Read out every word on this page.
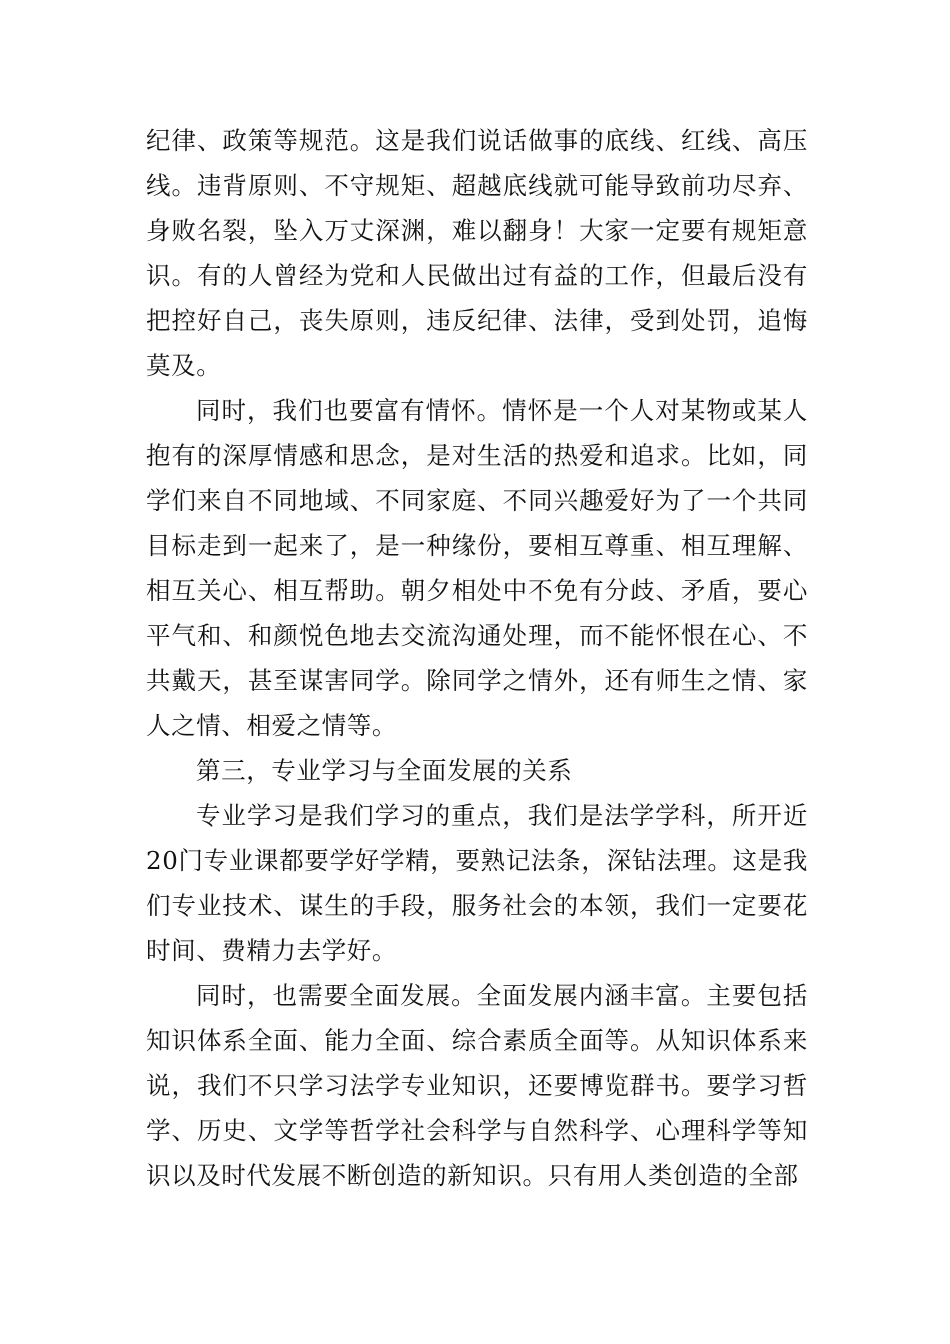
纪律、政策等规范。这是我们说话做事的底线、红线、高压线。违背原则、不守规矩、超越底线就可能导致前功尽弃、身败名裂，坠入万丈深渊，难以翻身！大家一定要有规矩意识。有的人曾经为党和人民做出过有益的工作，但最后没有把控好自己，丧失原则，违反纪律、法律，受到处罚，追悔莫及。

同时，我们也要富有情怀。情怀是一个人对某物或某人抱有的深厚情感和思念，是对生活的热爱和追求。比如，同学们来自不同地域、不同家庭、不同兴趣爱好为了一个共同目标走到一起来了，是一种缘份，要相互尊重、相互理解、相互关心、相互帮助。朝夕相处中不免有分歧、矛盾，要心平气和、和颜悦色地去交流沟通处理，而不能怀恨在心、不共戴天，甚至谋害同学。除同学之情外，还有师生之情、家人之情、相爱之情等。

第三，专业学习与全面发展的关系

专业学习是我们学习的重点，我们是法学学科，所开近20门专业课都要学好学精，要熟记法条，深钻法理。这是我们专业技术、谋生的手段，服务社会的本领，我们一定要花时间、费精力去学好。

同时，也需要全面发展。全面发展内涵丰富。主要包括知识体系全面、能力全面、综合素质全面等。从知识体系来说，我们不只学习法学专业知识，还要博览群书。要学习哲学、历史、文学等哲学社会科学与自然科学、心理科学等知识以及时代发展不断创造的新知识。只有用人类创造的全部
